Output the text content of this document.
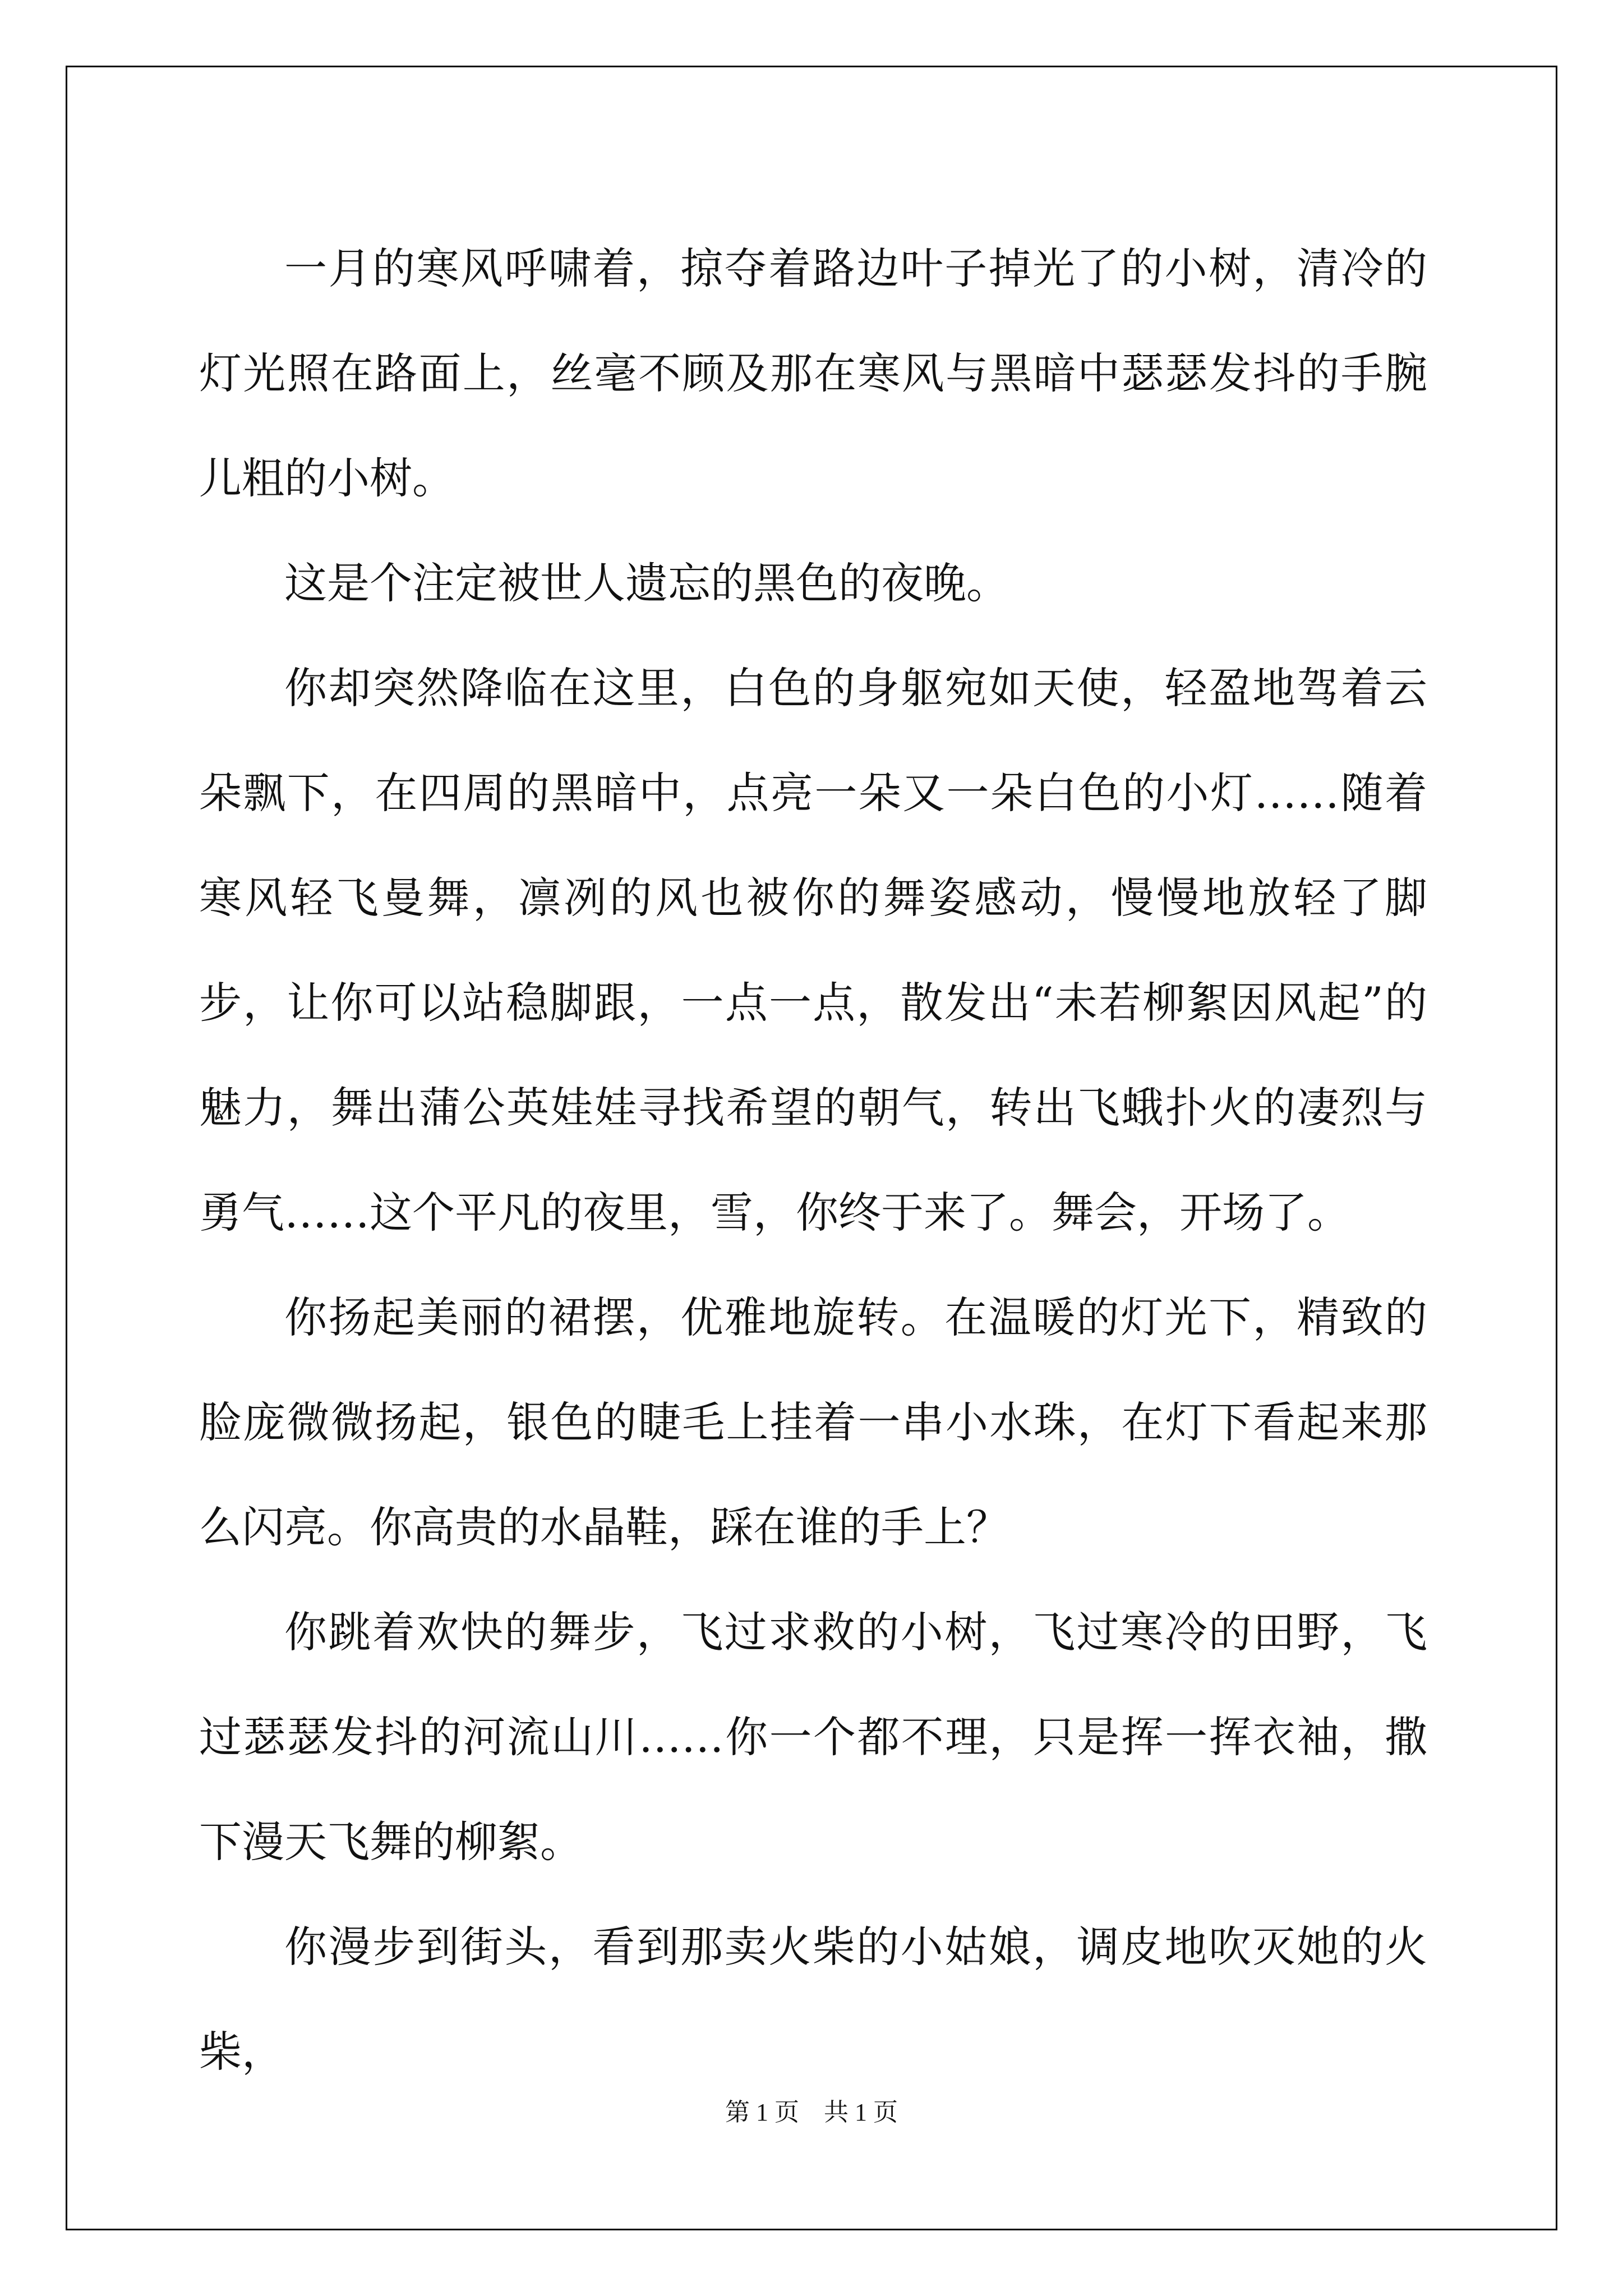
一月的寒风呼啸着，掠夺着路边叶子掉光了的小树，清冷的灯光照在路面上，丝毫不顾及那在寒风与黑暗中瑟瑟发抖的手腕儿粗的小树。

这是个注定被世人遗忘的黑色的夜晚。

你却突然降临在这里，白色的身躯宛如天使，轻盈地驾着云朵飘下，在四周的黑暗中，点亮一朵又一朵白色的小灯……随着寒风轻飞曼舞，凛冽的风也被你的舞姿感动，慢慢地放轻了脚步，让你可以站稳脚跟，一点一点，散发出“未若柳絮因风起”的魅力，舞出蒲公英娃娃寻找希望的朝气，转出飞蛾扑火的凄烈与勇气……这个平凡的夜里，雪，你终于来了。舞会，开场了。

你扬起美丽的裙摆，优雅地旋转。在温暖的灯光下，精致的脸庞微微扬起，银色的睫毛上挂着一串小水珠，在灯下看起来那么闪亮。你高贵的水晶鞋，踩在谁的手上？

你跳着欢快的舞步，飞过求救的小树，飞过寒冷的田野，飞过瑟瑟发抖的河流山川……你一个都不理，只是挥一挥衣袖，撒下漫天飞舞的柳絮。

你漫步到街头，看到那卖火柴的小姑娘，调皮地吹灭她的火柴，

第 1 页    共 1 页
